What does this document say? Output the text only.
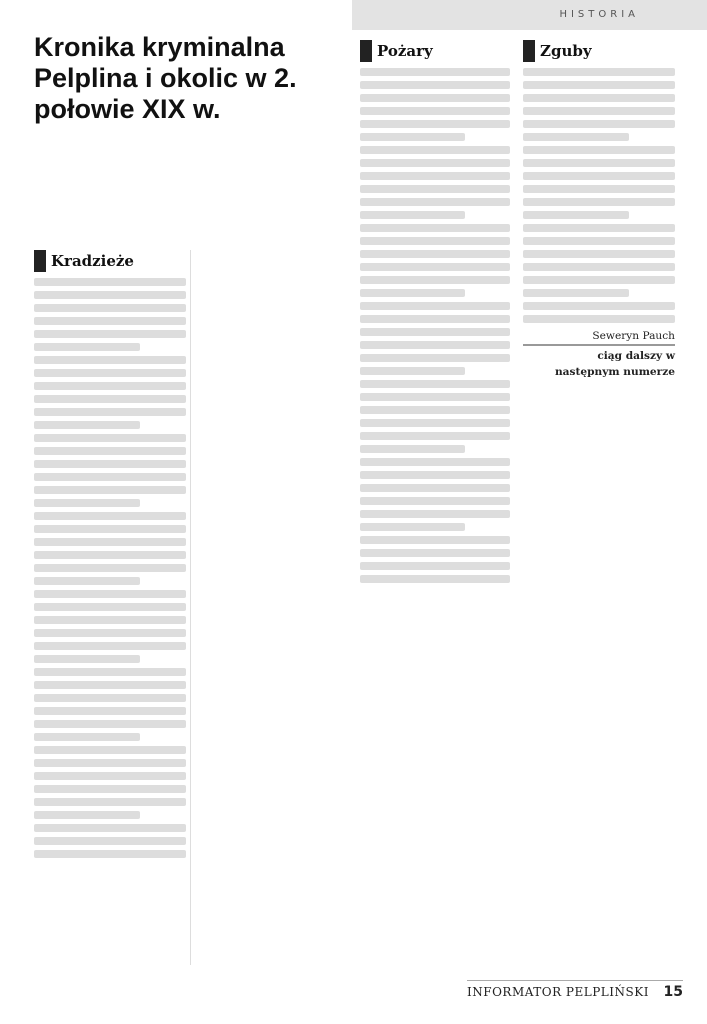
HISTORIA
Kronika kryminalna Pelplina i okolic w 2. połowie XIX w.

Kradzieże
Pożary	Zguby

Seweryn Pauch

ciąg dalszy w następnym numerze

INFORMATOR PELPLIŃSKI 15
